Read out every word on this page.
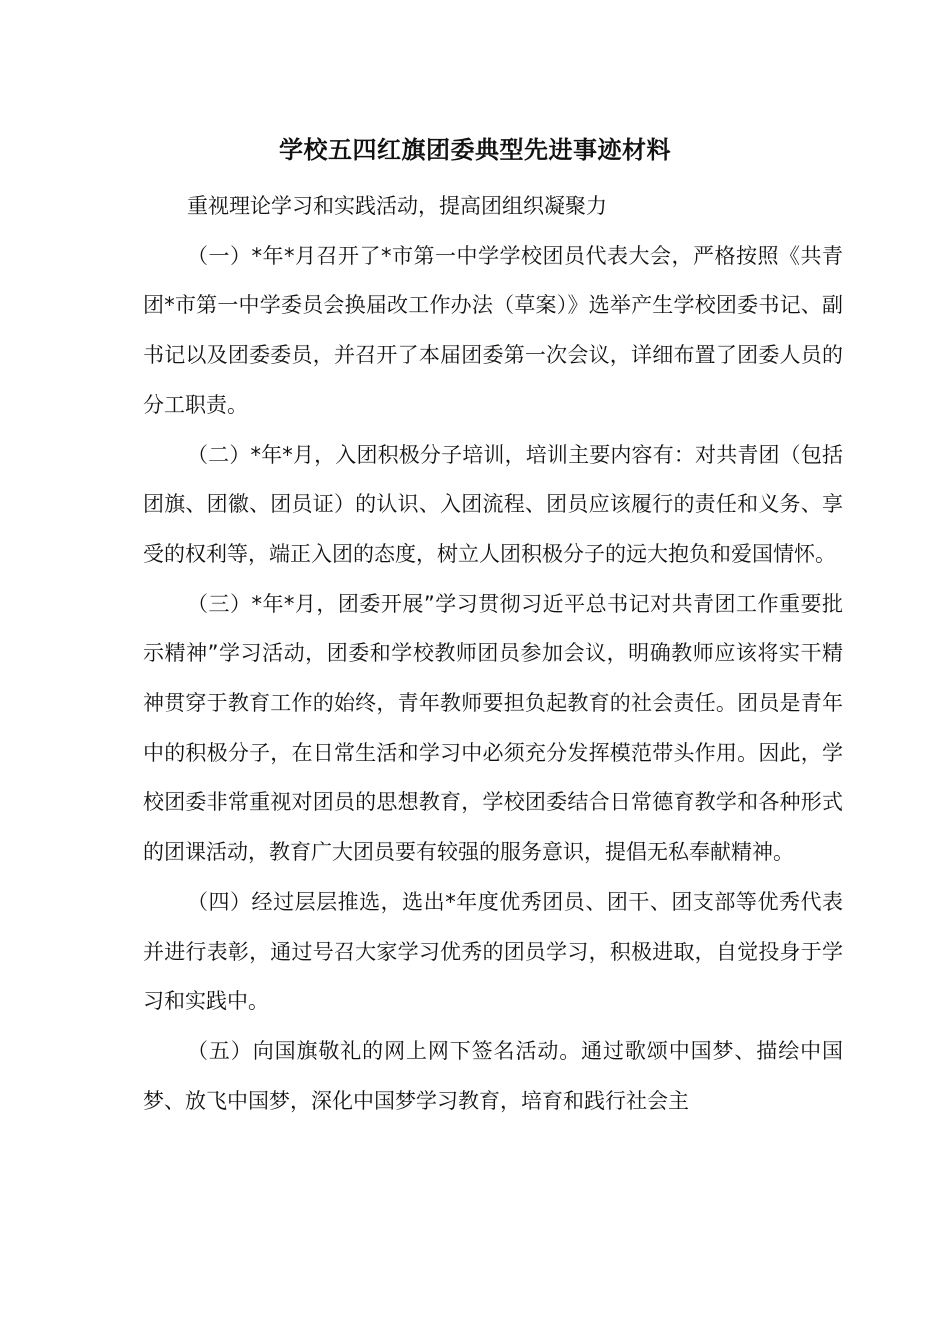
学校五四红旗团委典型先进事迹材料

重视理论学习和实践活动，提高团组织凝聚力

（一）*年*月召开了*市第一中学学校团员代表大会，严格按照《共青团*市第一中学委员会换届改工作办法（草案）》选举产生学校团委书记、副书记以及团委委员，并召开了本届团委第一次会议，详细布置了团委人员的分工职责。

（二）*年*月，入团积极分子培训，培训主要内容有：对共青团（包括团旗、团徽、团员证）的认识、入团流程、团员应该履行的责任和义务、享受的权利等，端正入团的态度，树立人团积极分子的远大抱负和爱国情怀。

（三）*年*月，团委开展”学习贯彻习近平总书记对共青团工作重要批示精神”学习活动，团委和学校教师团员参加会议，明确教师应该将实干精神贯穿于教育工作的始终，青年教师要担负起教育的社会责任。团员是青年中的积极分子，在日常生活和学习中必须充分发挥模范带头作用。因此，学校团委非常重视对团员的思想教育，学校团委结合日常德育教学和各种形式的团课活动，教育广大团员要有较强的服务意识，提倡无私奉献精神。

（四）经过层层推选，选出*年度优秀团员、团干、团支部等优秀代表并进行表彰，通过号召大家学习优秀的团员学习，积极进取，自觉投身于学习和实践中。

（五）向国旗敬礼的网上网下签名活动。通过歌颂中国梦、描绘中国梦、放飞中国梦，深化中国梦学习教育，培育和践行社会主
